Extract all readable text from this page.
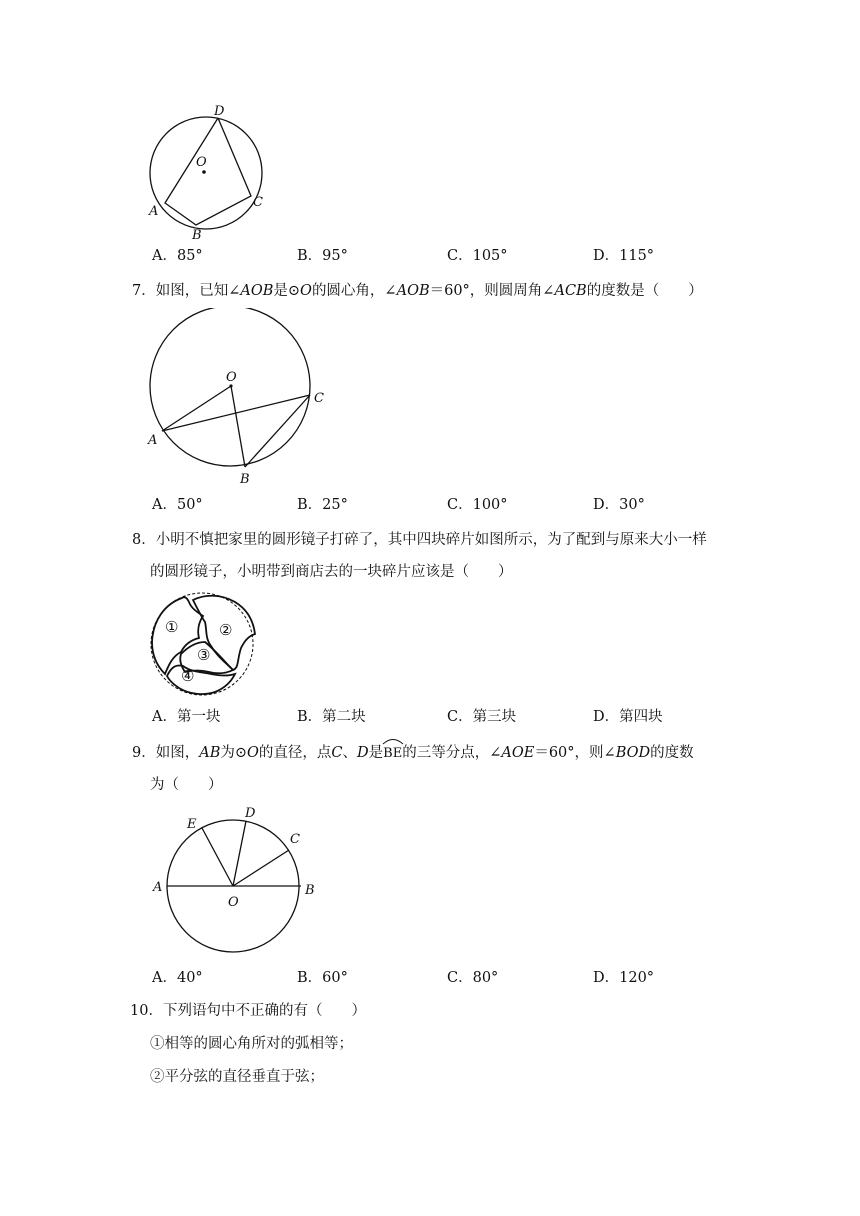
D
O
A
B
C
A．85°	B．95°	C．105°	D．115°
7．如图，已知∠AOB是⊙O的圆心角，∠AOB＝60°，则圆周角∠ACB的度数是（　　）
O
A
B
C
A．50°	B．25°	C．100°	D．30°
8．小明不慎把家里的圆形镜子打碎了，其中四块碎片如图所示，为了配到与原来大小一样
的圆形镜子，小明带到商店去的一块碎片应该是（　　）
①	②
③
④
A．第一块	B．第二块	C．第三块	D．第四块
9．如图，AB为⊙O的直径，点C、D是
BE的三等分点，∠AOE＝60°，则∠BOD的度数
为（　　）
E
D
C
A
O
B
A．40°	B．60°	C．80°	D．120°
10．下列语句中不正确的有（　　）
①相等的圆心角所对的弧相等；
②平分弦的直径垂直于弦；
